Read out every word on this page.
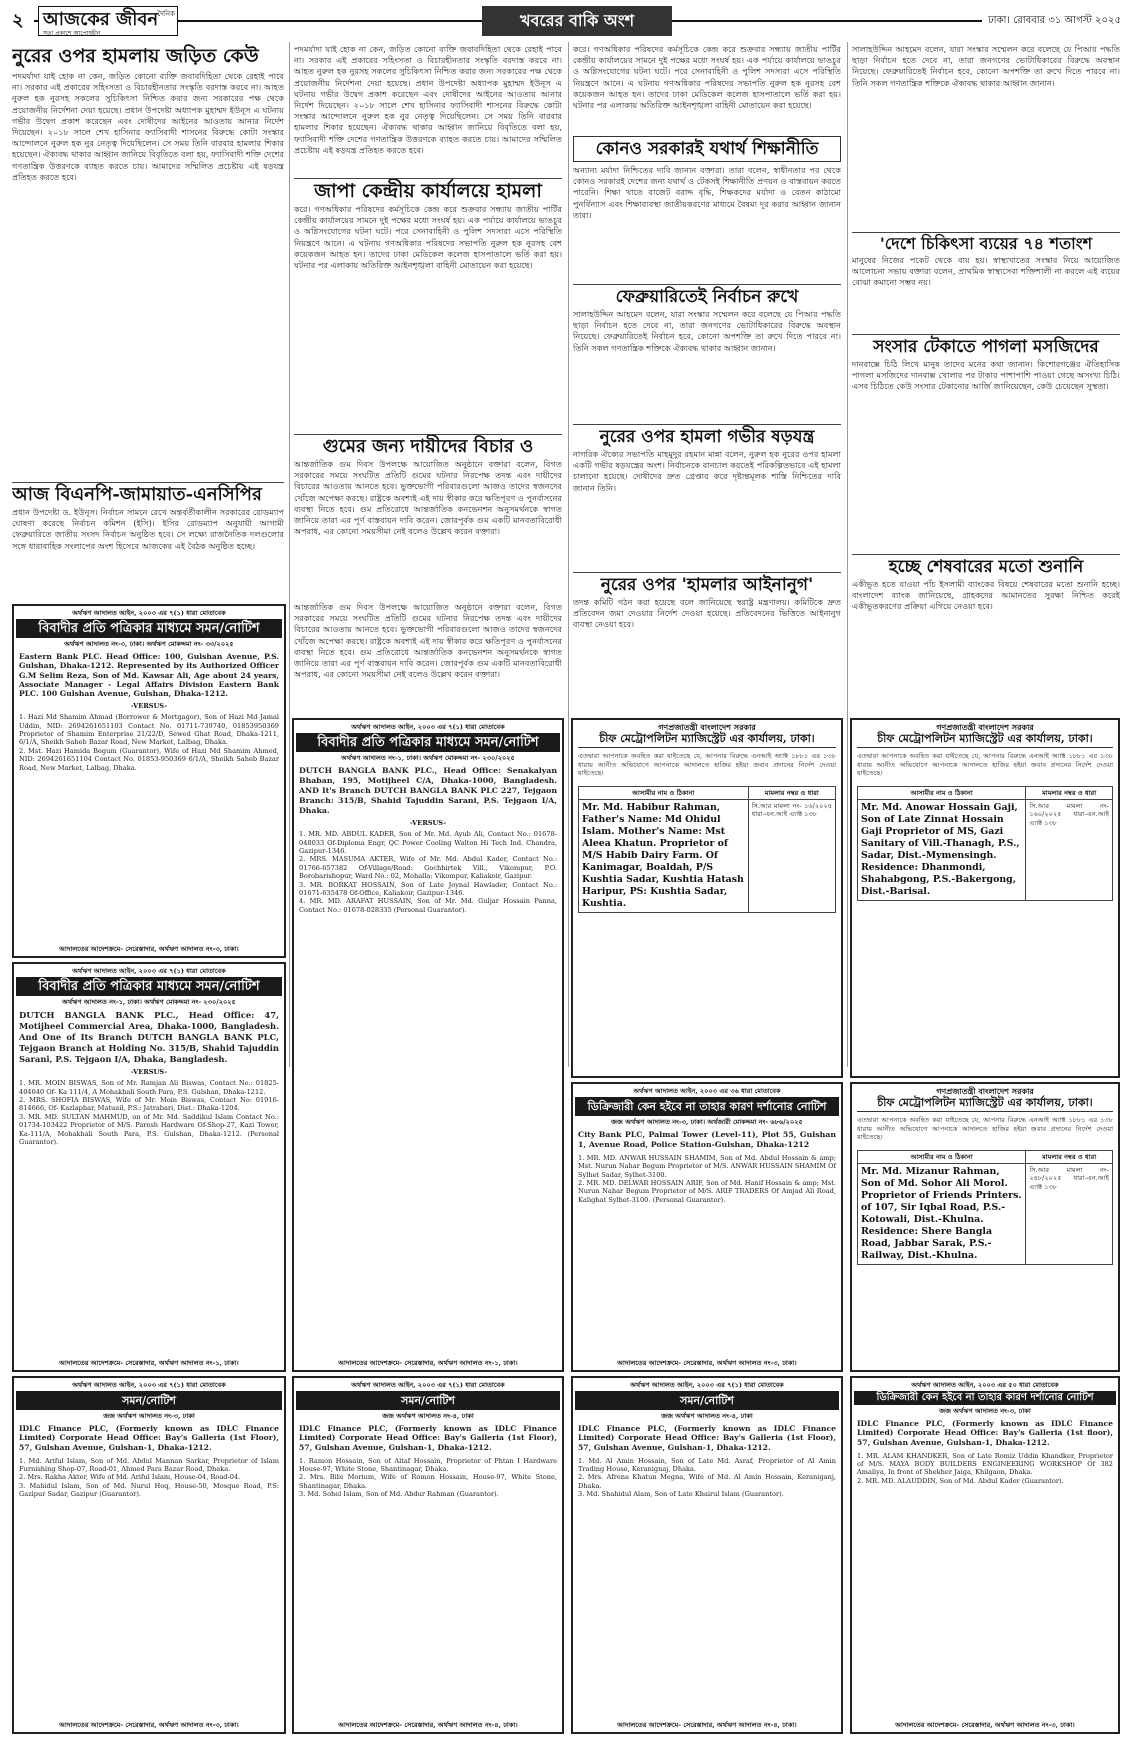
২	দৈনিক
আজকের জীবন
সত্য প্রকাশে আপোষহীন
খবরের বাকি অংশ	ঢাকা। রোববার ৩১ আগস্ট ২০২৫
নুরের ওপর হামলায় জড়িত কেউ
পদমর্যাদা যাই হোক না কেন, জড়িত কোনো ব্যক্তি জবাবদিহিতা থেকে রেহাই পাবে না। সরকার এই প্রকারের সহিংসতা ও বিচারহীনতার সংস্কৃতি বরদাস্ত করবে না। আহত নুরুল হক নুরসহ সকলের সুচিকিৎসা নিশ্চিত করার জন্য সরকারের পক্ষ থেকে প্রয়োজনীয় নির্দেশনা দেয়া হয়েছে। প্রধান উপদেষ্টা অধ্যাপক মুহাম্মদ ইউনূস এ ঘটনায় গভীর উদ্বেগ প্রকাশ করেছেন এবং দোষীদের আইনের আওতায় আনার নির্দেশ দিয়েছেন। ২০১৮ সালে শেখ হাসিনার ফ্যাসিবাদী শাসনের বিরুদ্ধে কোটা সংস্কার আন্দোলনে নুরুল হক নুর নেতৃত্ব দিয়েছিলেন। সে সময় তিনি বারবার হামলার শিকার হয়েছেন। ঐক্যবদ্ধ থাকার আহ্বান জানিয়ে বিবৃতিতে বলা হয়, ফ্যাসিবাদী শক্তি দেশের গণতান্ত্রিক উত্তরণকে ব্যাহত করতে চায়। আমাদের সম্মিলিত প্রচেষ্টায় এই ষড়যন্ত্র প্রতিহত করতে হবে।
আজ বিএনপি-জামায়াত-এনসিপির
প্রধান উপদেষ্টা ড. ইউনূস। নির্বাচন সামনে রেখে অন্তর্বর্তীকালীন সরকারের রোডম্যাপ ঘোষণা করেছে নির্বাচন কমিশন (ইসি)। ইসির রোডম্যাপ অনুযায়ী আগামী ফেব্রুয়ারিতে জাতীয় সংসদ নির্বাচন অনুষ্ঠিত হবে। সে লক্ষ্যে রাজনৈতিক দলগুলোর সঙ্গে ধারাবাহিক সংলাপের অংশ হিসেবে আজকের এই বৈঠক অনুষ্ঠিত হচ্ছে।
পদমর্যাদা যাই হোক না কেন, জড়িত কোনো ব্যক্তি জবাবদিহিতা থেকে রেহাই পাবে না। সরকার এই প্রকারের সহিংসতা ও বিচারহীনতার সংস্কৃতি বরদাস্ত করবে না। আহত নুরুল হক নুরসহ সকলের সুচিকিৎসা নিশ্চিত করার জন্য সরকারের পক্ষ থেকে প্রয়োজনীয় নির্দেশনা দেয়া হয়েছে। প্রধান উপদেষ্টা অধ্যাপক মুহাম্মদ ইউনূস এ ঘটনায় গভীর উদ্বেগ প্রকাশ করেছেন এবং দোষীদের আইনের আওতায় আনার নির্দেশ দিয়েছেন। ২০১৮ সালে শেখ হাসিনার ফ্যাসিবাদী শাসনের বিরুদ্ধে কোটা সংস্কার আন্দোলনে নুরুল হক নুর নেতৃত্ব দিয়েছিলেন। সে সময় তিনি বারবার হামলার শিকার হয়েছেন। ঐক্যবদ্ধ থাকার আহ্বান জানিয়ে বিবৃতিতে বলা হয়, ফ্যাসিবাদী শক্তি দেশের গণতান্ত্রিক উত্তরণকে ব্যাহত করতে চায়। আমাদের সম্মিলিত প্রচেষ্টায় এই ষড়যন্ত্র প্রতিহত করতে হবে।
জাপা কেন্দ্রীয় কার্যালয়ে হামলা
করে। গণঅধিকার পরিষদের কর্মসূচিকে কেন্দ্র করে শুক্রবার সন্ধ্যায় জাতীয় পার্টির কেন্দ্রীয় কার্যালয়ের সামনে দুই পক্ষের মধ্যে সংঘর্ষ হয়। এক পর্যায়ে কার্যালয়ে ভাঙচুর ও অগ্নিসংযোগের ঘটনা ঘটে। পরে সেনাবাহিনী ও পুলিশ সদস্যরা এসে পরিস্থিতি নিয়ন্ত্রণে আনে। এ ঘটনায় গণঅধিকার পরিষদের সভাপতি নুরুল হক নুরসহ বেশ কয়েকজন আহত হন। তাদের ঢাকা মেডিকেল কলেজ হাসপাতালে ভর্তি করা হয়। ঘটনার পর এলাকায় অতিরিক্ত আইনশৃঙ্খলা বাহিনী মোতায়েন করা হয়েছে।
গুমের জন্য দায়ীদের বিচার ও
আন্তর্জাতিক গুম দিবস উপলক্ষে আয়োজিত অনুষ্ঠানে বক্তারা বলেন, বিগত সরকারের সময়ে সংঘটিত প্রতিটি গুমের ঘটনার নিরপেক্ষ তদন্ত এবং দায়ীদের বিচারের আওতায় আনতে হবে। ভুক্তভোগী পরিবারগুলো আজও তাদের স্বজনদের খোঁজে অপেক্ষা করছে। রাষ্ট্রকে অবশ্যই এই দায় স্বীকার করে ক্ষতিপূরণ ও পুনর্বাসনের ব্যবস্থা নিতে হবে। গুম প্রতিরোধে আন্তর্জাতিক কনভেনশন অনুসমর্থনকে স্বাগত জানিয়ে তারা এর পূর্ণ বাস্তবায়ন দাবি করেন। জোরপূর্বক গুম একটি মানবতাবিরোধী অপরাধ, এর কোনো সময়সীমা নেই বলেও উল্লেখ করেন বক্তারা।
আন্তর্জাতিক গুম দিবস উপলক্ষে আয়োজিত অনুষ্ঠানে বক্তারা বলেন, বিগত সরকারের সময়ে সংঘটিত প্রতিটি গুমের ঘটনার নিরপেক্ষ তদন্ত এবং দায়ীদের বিচারের আওতায় আনতে হবে। ভুক্তভোগী পরিবারগুলো আজও তাদের স্বজনদের খোঁজে অপেক্ষা করছে। রাষ্ট্রকে অবশ্যই এই দায় স্বীকার করে ক্ষতিপূরণ ও পুনর্বাসনের ব্যবস্থা নিতে হবে। গুম প্রতিরোধে আন্তর্জাতিক কনভেনশন অনুসমর্থনকে স্বাগত জানিয়ে তারা এর পূর্ণ বাস্তবায়ন দাবি করেন। জোরপূর্বক গুম একটি মানবতাবিরোধী অপরাধ, এর কোনো সময়সীমা নেই বলেও উল্লেখ করেন বক্তারা।
করে। গণঅধিকার পরিষদের কর্মসূচিকে কেন্দ্র করে শুক্রবার সন্ধ্যায় জাতীয় পার্টির কেন্দ্রীয় কার্যালয়ের সামনে দুই পক্ষের মধ্যে সংঘর্ষ হয়। এক পর্যায়ে কার্যালয়ে ভাঙচুর ও অগ্নিসংযোগের ঘটনা ঘটে। পরে সেনাবাহিনী ও পুলিশ সদস্যরা এসে পরিস্থিতি নিয়ন্ত্রণে আনে। এ ঘটনায় গণঅধিকার পরিষদের সভাপতি নুরুল হক নুরসহ বেশ কয়েকজন আহত হন। তাদের ঢাকা মেডিকেল কলেজ হাসপাতালে ভর্তি করা হয়। ঘটনার পর এলাকায় অতিরিক্ত আইনশৃঙ্খলা বাহিনী মোতায়েন করা হয়েছে।
কোনও সরকারই যথার্থ শিক্ষানীতি
অন্যান্য মর্যাদা নিশ্চিতের দাবি জানান বক্তারা। তারা বলেন, স্বাধীনতার পর থেকে কোনও সরকারই দেশের জন্য যথার্থ ও টেকসই শিক্ষানীতি প্রণয়ন ও বাস্তবায়ন করতে পারেনি। শিক্ষা খাতে বাজেট বরাদ্দ বৃদ্ধি, শিক্ষকদের মর্যাদা ও বেতন কাঠামো পুনর্বিন্যাস এবং শিক্ষাব্যবস্থা জাতীয়করণের মাধ্যমে বৈষম্য দূর করার আহ্বান জানান তারা।
ফেব্রুয়ারিতেই নির্বাচন রুখে
সালাহউদ্দিন আহমেদ বলেন, যারা সংস্কার সম্মেলন করে বলেছে যে পিআর পদ্ধতি ছাড়া নির্বাচন হতে দেবে না, তারা জনগণের ভোটাধিকারের বিরুদ্ধে অবস্থান নিয়েছে। ফেব্রুয়ারিতেই নির্বাচন হবে, কোনো অপশক্তি তা রুখে দিতে পারবে না। তিনি সকল গণতান্ত্রিক শক্তিকে ঐক্যবদ্ধ থাকার আহ্বান জানান।
নুরের ওপর হামলা গভীর ষড়যন্ত্র
নাগরিক ঐক্যের সভাপতি মাহমুদুর রহমান মান্না বলেন, নুরুল হক নুরের ওপর হামলা একটি গভীর ষড়যন্ত্রের অংশ। নির্বাচনকে বানচাল করতেই পরিকল্পিতভাবে এই হামলা চালানো হয়েছে। দোষীদের দ্রুত গ্রেপ্তার করে দৃষ্টান্তমূলক শাস্তি নিশ্চিতের দাবি জানান তিনি।
নুরের ওপর 'হামলার আইনানুগ'
তদন্ত কমিটি গঠন করা হয়েছে বলে জানিয়েছে স্বরাষ্ট্র মন্ত্রণালয়। কমিটিকে দ্রুত প্রতিবেদন জমা দেওয়ার নির্দেশ দেওয়া হয়েছে। প্রতিবেদনের ভিত্তিতে আইনানুগ ব্যবস্থা নেওয়া হবে।
সালাহউদ্দিন আহমেদ বলেন, যারা সংস্কার সম্মেলন করে বলেছে যে পিআর পদ্ধতি ছাড়া নির্বাচন হতে দেবে না, তারা জনগণের ভোটাধিকারের বিরুদ্ধে অবস্থান নিয়েছে। ফেব্রুয়ারিতেই নির্বাচন হবে, কোনো অপশক্তি তা রুখে দিতে পারবে না। তিনি সকল গণতান্ত্রিক শক্তিকে ঐক্যবদ্ধ থাকার আহ্বান জানান।
'দেশে চিকিৎসা ব্যয়ের ৭৪ শতাংশ
মানুষের নিজের পকেট থেকে ব্যয় হয়। স্বাস্থ্যখাতের সংস্কার নিয়ে আয়োজিত আলোচনা সভায় বক্তারা বলেন, প্রাথমিক স্বাস্থ্যসেবা শক্তিশালী না করলে এই ব্যয়ের বোঝা কমানো সম্ভব নয়।
সংসার টেকাতে পাগলা মসজিদের
দানবাক্সে চিঠি লিখে মানুষ তাদের মনের কথা জানান। কিশোরগঞ্জের ঐতিহাসিক পাগলা মসজিদের দানবাক্স খোলার পর টাকার পাশাপাশি পাওয়া গেছে অসংখ্য চিঠি। এসব চিঠিতে কেউ সংসার টেকানোর আর্জি জানিয়েছেন, কেউ চেয়েছেন সুস্থতা।
হচ্ছে শেষবারের মতো শুনানি
একীভূত হতে যাওয়া পাঁচ ইসলামী ব্যাংকের বিষয়ে শেষবারের মতো শুনানি হচ্ছে। বাংলাদেশ ব্যাংক জানিয়েছে, গ্রাহকদের আমানতের সুরক্ষা নিশ্চিত করেই একীভূতকরণের প্রক্রিয়া এগিয়ে নেওয়া হবে।
অর্থঋণ আদালত আইন, ২০০৩ এর ৭(১) ধারা মোতাবেক
বিবাদীর প্রতি পত্রিকার মাধ্যমে সমন/নোটিশ
অর্থঋণ আদালত নং-৩, ঢাকা। অর্থঋণ মোকদ্দমা নং- ৩৩/২০২৫
Eastern Bank PLC. Head Office: 100, Gulshan Avenue, P.S. Gulshan, Dhaka-1212. Represented by its Authorized Officer G.M Selim Reza, Son of Md. Kawsar Ali, Age about 24 years, Associate Manager - Legal Affairs Division Eastern Bank PLC. 100 Gulshan Avenue, Gulshan, Dhaka-1212.
-VERSUS-
1. Hazi Md Shamim Ahmad (Borrower & Mortgagor), Son of Hazi Md Jamal Uddin, NID: 2694261651103 Contact No. 01711-739740, 01853950369 Proprietor of Shamim Enterprise 21/22/D, Sewed Ghat Road, Dhaka-1211, 6/1/A, Sheikh Saheb Bazar Road, New Market, Lalbag, Dhaka.
2. Mst. Hazi Hamida Begum (Guarantor), Wife of Hazi Md Shamim Ahmed, NID: 2694261651104 Contact No. 01853-950369 6/1/A, Sheikh Saheb Bazar Road, New Market, Lalbag, Dhaka.
আদালতের আদেশক্রমে- সেরেস্তাদার, অর্থঋণ আদালত নং-৩, ঢাকা।
অর্থঋণ আদালত আইন, ২০০৩ এর ৭(১) ধারা মোতাবেক
বিবাদীর প্রতি পত্রিকার মাধ্যমে সমন/নোটিশ
অর্থঋণ আদালত নং-১, ঢাকা। অর্থঋণ মোকদ্দমা নং- ২৩০/২০২৫
DUTCH BANGLA BANK PLC., Head Office: 47, Motijheel Commercial Area, Dhaka-1000, Bangladesh. And One of Its Branch DUTCH BANGLA BANK PLC, Tejgaon Branch at Holding No. 315/B, Shahid Tajuddin Sarani, P.S. Tejgaon I/A, Dhaka, Bangladesh.
-VERSUS-
1. MR. MOIN BISWAS, Son of Mr. Ramjan Ali Biswas, Contact No.: 01825-404040 Of- Ka 111/4, A Mohakhali South Para, P.S. Gulshan, Dhaka-1212.
2. MRS. SHOFIA BISWAS, Wife of Mr. Moin Biswas, Contact No: 01916-814666, Of- Kazlaphar, Matuail, P.S.: Jatrabari, Dist.: Dhaka-1204.
3. MR. MD. SULTAN MAHMUD, on of Mr. Md. Saddikul Islam Contact No.: 01734-103422 Proprietor of M/S. Paresh Hardware Of-Shop-27, Kazi Tower, Ka-111/A, Mohakhali South Para, P.S. Gulshan, Dhaka-1212. (Personal Guarantor).
আদালতের আদেশক্রমে- সেরেস্তাদার, অর্থঋণ আদালত নং-১, ঢাকা।
অর্থঋণ আদালত আইন, ২০০৩ এর ৭(১) ধারা মোতাবেক
বিবাদীর প্রতি পত্রিকার মাধ্যমে সমন/নোটিশ
অর্থঋণ আদালত নং-১, ঢাকা। অর্থঋণ মোকদ্দমা নং- ২৩০/২০২৫
DUTCH BANGLA BANK PLC., Head Office: Senakalyan Bhaban, 195, Motijheel C/A, Dhaka-1000, Bangladesh. AND It's Branch DUTCH BANGLA BANK PLC 227, Tejgaon Branch: 315/B, Shahid Tajuddin Sarani, P.S. Tejgaon I/A, Dhaka.
-VERSUS-
1. MR. MD. ABDUL KADER, Son of Mr. Md. Ayub Ali, Contact No.: 01678-048033 Of-Diploma Engr, QC Power Cooling Walton Hi Tech Ind. Chandra, Gazipur-1346.
2. MRS. MASUMA AKTER, Wife of Mr. Md. Abdul Kader, Contact No.: 01766-657382 Of-Village/Road: Gochhirtek Vill., Vikompur, P.O. Borobarishopur, Ward No.: 02, Mohalla: Vikompur, Kaliakoir, Gazipur.
3. MR. BORKAT HOSSAIN, Son of Late Joynal Hawlader, Contact No.: 01671-635478 Of-Office, Kaliakoir, Gazipur-1346.
4. MR. MD. ARAFAT HUSSAIN, Son of Mr. Md. Guljar Hossain Panna, Contact No.: 01678-028335 (Personal Guarantor).
আদালতের আদেশক্রমে- সেরেস্তাদার, অর্থঋণ আদালত নং-১, ঢাকা।
গণপ্রজাতন্ত্রী বাংলাদেশ সরকার
চীফ মেট্রোপলিটন ম্যাজিস্ট্রেট এর কার্যালয়, ঢাকা।
এতদ্বারা আপনাকে অবহিত করা যাইতেছে যে, আপনার বিরুদ্ধে এনআই অ্যাক্ট ১৮৮১ এর ১৩৮ ধারায় আনীত অভিযোগে আপনাকে আদালতে হাজির হইয়া জবাব প্রদানের নির্দেশ দেওয়া যাইতেছে।
আসামীর নাম ও ঠিকানা	মামলার নম্বর ও ধারা
Mr. Md. Habibur Rahman, Father's Name: Md Ohidul Islam. Mother's Name: Mst Aleea Khatun. Proprietor of M/S Habib Dairy Farm. Of Kanimagar, Boaldah, P/S Kushtia Sadar, Kushtia Hatash Haripur, PS: Kushtia Sadar, Kushtia.	সি.আর মামলা নং- ১৬/২০২৫ ধারা-এন.আই এ্যাক্ট ১৩৮
গণপ্রজাতন্ত্রী বাংলাদেশ সরকার
চীফ মেট্রোপলিটন ম্যাজিস্ট্রেট এর কার্যালয়, ঢাকা।
এতদ্বারা আপনাকে অবহিত করা যাইতেছে যে, আপনার বিরুদ্ধে এনআই অ্যাক্ট ১৮৮১ এর ১৩৮ ধারায় আনীত অভিযোগে আপনাকে আদালতে হাজির হইয়া জবাব প্রদানের নির্দেশ দেওয়া যাইতেছে।
আসামীর নাম ও ঠিকানা	মামলার নম্বর ও ধারা
Mr. Md. Anowar Hossain Gaji, Son of Late Zinnat Hossain Gaji Proprietor of MS, Gazi Sanitary of Vill.-Thanagh, P.S., Sadar, Dist.-Mymensingh. Residence: Dhanmondi, Shahabgong, P.S.-Bakergong, Dist.-Barisal.	সি.আর মামলা নং- ১৬০/২০২৫ ধারা-এন.আই এ্যাক্ট ১৩৮
অর্থঋণ আদালত আইন, ২০০৩ এর ৩৬ ধারা মোতাবেক
ডিক্রিজারী কেন হইবে না তাহার কারণ দর্শানোর নোটিশ
জজ অর্থঋণ আদালত নং-৩, ঢাকা। অর্থজারী মোকদ্দমা নং- ৬৮৬/২০২৫
City Bank PLC, Palmal Tower (Level-11), Plot 55, Gulshan 1, Avenue Road, Police Station-Gulshan, Dhaka-1212
1. MR. MD. ANWAR HUSSAIN SHAMIM, Son of Md. Abdul Hossain & amp; Mst. Nurun Nahar Begum Proprietor of M/S. ANWAR HUSSAIN SHAMIM Of Sylhet Sadar, Sylhet-3100.
2. MR. MD. DELWAR HOSSAIN ARIF, Son of Md. Hanif Hossain & amp; Mst. Nurun Nahar Begum Proprietor of M/S. ARIF TRADERS Of Amjad Ali Road, Kalighat Sylhet-3100. (Personal Guarantor).
আদালতের আদেশক্রমে- সেরেস্তাদার, অর্থঋণ আদালত নং-৩, ঢাকা।
গণপ্রজাতন্ত্রী বাংলাদেশ সরকার
চীফ মেট্রোপলিটন ম্যাজিস্ট্রেট এর কার্যালয়, ঢাকা।
এতদ্বারা আপনাকে অবহিত করা যাইতেছে যে, আপনার বিরুদ্ধে এনআই অ্যাক্ট ১৮৮১ এর ১৩৮ ধারায় আনীত অভিযোগে আপনাকে আদালতে হাজির হইয়া জবাব প্রদানের নির্দেশ দেওয়া যাইতেছে।
আসামীর নাম ও ঠিকানা	মামলার নম্বর ও ধারা
Mr. Md. Mizanur Rahman, Son of Md. Sohor Ali Morol. Proprietor of Friends Printers. of 107, Sir Iqbal Road, P.S.-Kotowali, Dist.-Khulna. Residence: Shere Bangla Road, Jabbar Sarak, P.S.-Railway, Dist.-Khulna.	সি.আর মামলা নং- ২৪৮/২০২৫ ধারা-এন.আই এ্যাক্ট ১৩৮
অর্থঋণ আদালত আইন, ২০০৩ এর ৭(১) ধারা মোতাবেক
সমন/নোটিশ
জজ অর্থঋণ আদালত নং-৩, ঢাকা
IDLC Finance PLC, (Formerly known as IDLC Finance Limited) Corporate Head Office: Bay's Galleria (1st Floor), 57, Gulshan Avenue, Gulshan-1, Dhaka-1212.
1. Md. Ariful Islam, Son of Md. Abdul Mannan Sarkar, Proprietor of Islam Furnishing Shop-07, Road-01, Ahmed Para Bazar Road, Dhaka.
2. Mrs. Rakha Akter, Wife of Md. Ariful Islam, House-04, Road-04.
3. Mahidul Islam, Son of Md. Nurul Hoq, House-50, Mosque Road, P.S: Gazipur Sadar, Gazipur (Guarantor).
আদালতের আদেশক্রমে- সেরেস্তাদার, অর্থঋণ আদালত নং-৩, ঢাকা।
অর্থঋণ আদালত আইন, ২০০৩ এর ৭(১) ধারা মোতাবেক
সমন/নোটিশ
জজ অর্থঋণ আদালত নং-৪, ঢাকা
IDLC Finance PLC, (Formerly known as IDLC Finance Limited) Corporate Head Office: Bay's Galleria (1st Floor), 57, Gulshan Avenue, Gulshan-1, Dhaka-1212.
1. Ramon Hossain, Son of Altaf Hossain, Proprietor of Phtan I Hardware House-97, White Stone, Shantinagar, Dhaka.
2. Mrs. Bibi Morium, Wife of Romon Hossain, House-97, White Stone, Shantinagar, Dhaka.
3. Md. Sohel Islam, Son of Md. Abdur Rahman (Guarantor).
আদালতের আদেশক্রমে- সেরেস্তাদার, অর্থঋণ আদালত নং-৪, ঢাকা।
অর্থঋণ আদালত আইন, ২০০৩ এর ৭(১) ধারা মোতাবেক
সমন/নোটিশ
জজ অর্থঋণ আদালত নং-৪, ঢাকা
IDLC Finance PLC, (Formerly known as IDLC Finance Limited) Corporate Head Office: Bay's Galleria (1st Floor), 57, Gulshan Avenue, Gulshan-1, Dhaka-1212.
1. Md. Al Amin Hossain, Son of Late Md. Asraf, Proprietor of Al Amin Trading House, Keranignaj, Dhaka.
2. Mrs. Afrena Khatun Megna, Wife of Md. Al Amin Hossain, Keraniganj, Dhaka.
3. Md. Shahidul Alam, Son of Late Khairul Islam (Guarantor).
আদালতের আদেশক্রমে- সেরেস্তাদার, অর্থঋণ আদালত নং-৪, ঢাকা।
অর্থঋণ আদালত আইন, ২০০৩ এর ৫০ ধারা মোতাবেক
ডিক্রিজারী কেন হইবে না তাহার কারণ দর্শানোর নোটিশ
জজ অর্থঋণ আদালত নং-৩, ঢাকা
IDLC Finance PLC, (Formerly known as IDLC Finance Limited) Corporate Head Office: Bay's Galleria (1st floor), 57, Gulshan Avenue, Gulshan-1, Dhaka-1212.
1. MR. ALAM KHANDKER, Son of Late Romiz Uddin Khandker, Proprietor of M/S. MAYA BODY BUILDERS ENGINEERING WORKSHOP Of 382 Amaliya, In front of Shekher Jaiga, Khilgaon, Dhaka.
2. MR. MD. ALAUDDIN, Son of Md. Abdul Kader (Guarantor).
আদালতের আদেশক্রমে- সেরেস্তাদার, অর্থঋণ আদালত নং-৩, ঢাকা।
